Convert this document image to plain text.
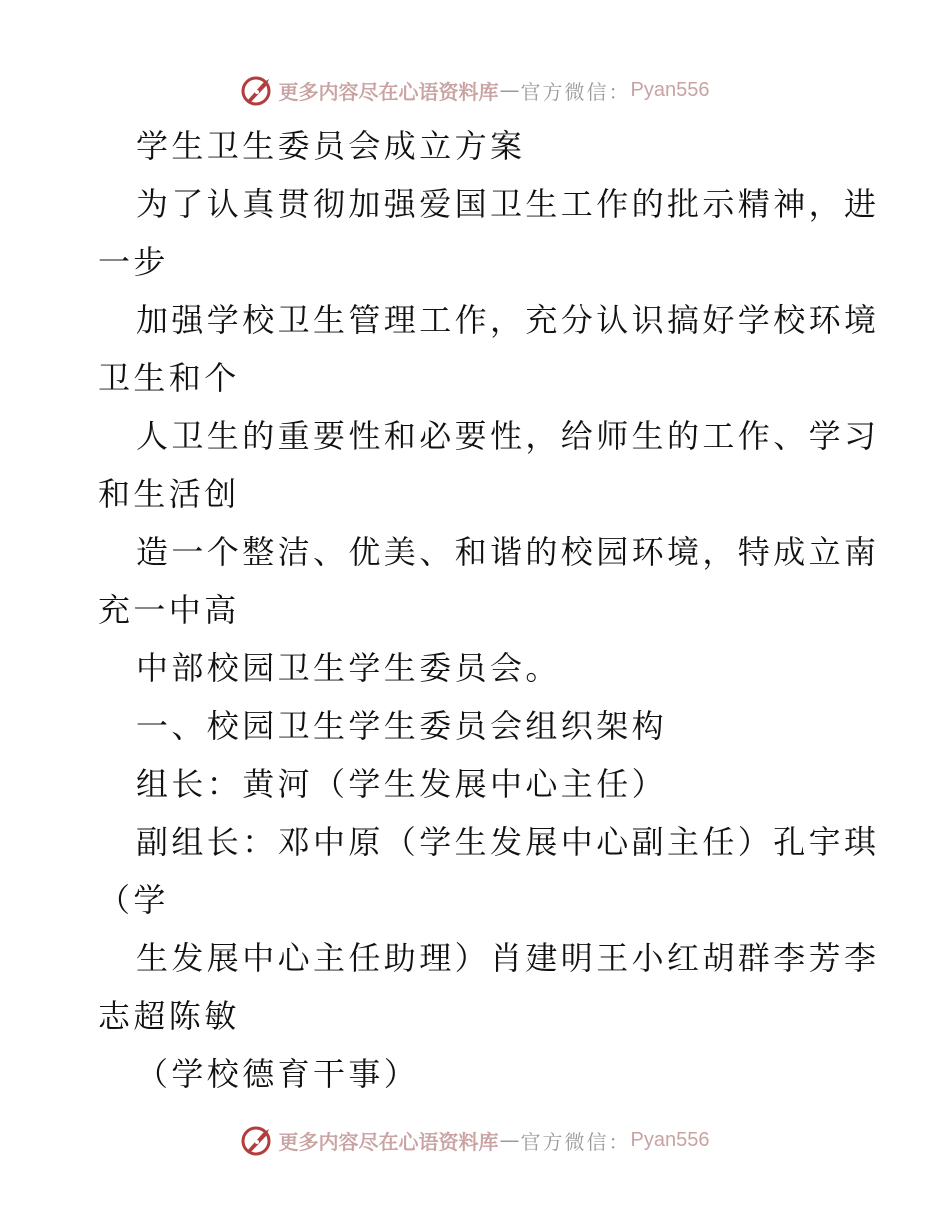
更多内容尽在心语资料库 — 官方微信： Pyan556
学生卫生委员会成立方案
为了认真贯彻加强爱国卫生工作的批示精神，进
一步
加强学校卫生管理工作，充分认识搞好学校环境
卫生和个
人卫生的重要性和必要性，给师生的工作、学习
和生活创
造一个整洁、优美、和谐的校园环境，特成立南
充一中高
中部校园卫生学生委员会。
一、校园卫生学生委员会组织架构
组长：黄河（学生发展中心主任）
副组长：邓中原（学生发展中心副主任）孔宇琪
（学
生发展中心主任助理）肖建明王小红胡群李芳李
志超陈敏
（学校德育干事）
更多内容尽在心语资料库 — 官方微信： Pyan556
